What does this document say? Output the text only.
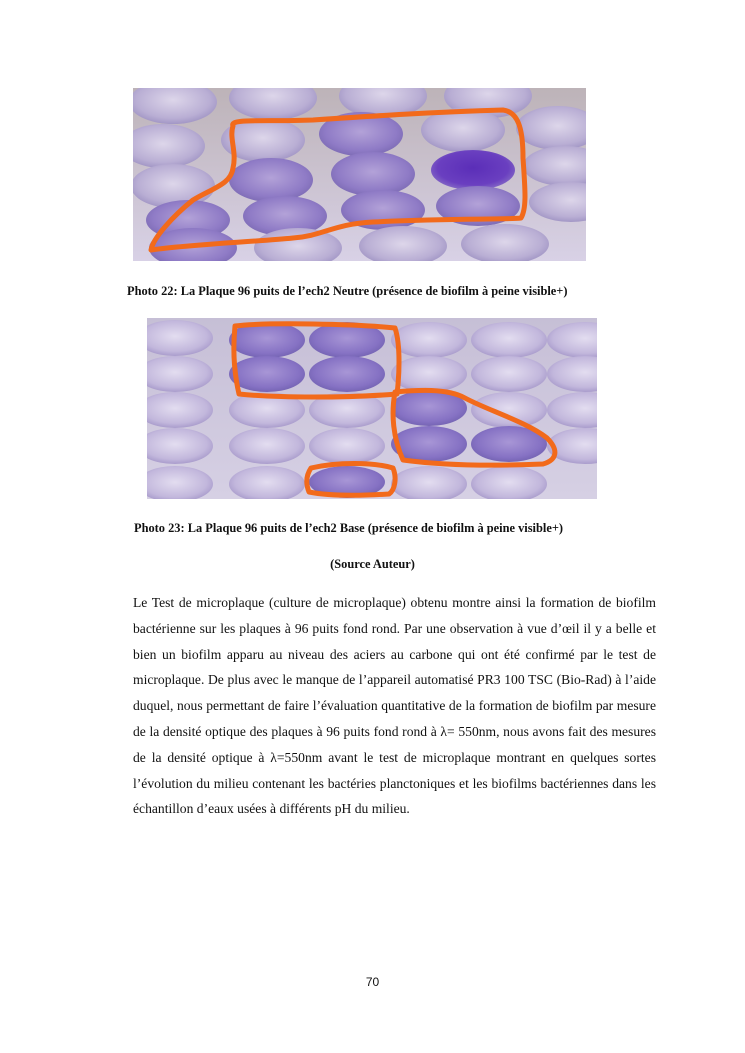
Photo 22: La Plaque 96 puits de l’ech2 Neutre (présence de biofilm à peine visible+)
Photo 23: La Plaque 96 puits de l’ech2 Base (présence de biofilm à peine visible+)
(Source Auteur)

Le Test de microplaque (culture de microplaque) obtenu montre ainsi la formation de biofilm bactérienne sur les plaques à 96 puits fond rond. Par une observation à vue d’œil il y a belle et bien un biofilm apparu au niveau des aciers au carbone qui ont été confirmé par le test de microplaque. De plus avec le manque de l’appareil automatisé PR3 100 TSC (Bio-Rad) à l’aide duquel, nous permettant de faire l’évaluation quantitative de la formation de biofilm par mesure de la densité optique des plaques à 96 puits fond rond à λ= 550nm, nous avons fait des mesures de la densité optique à λ=550nm avant le test de microplaque montrant en quelques sortes l’évolution du milieu contenant les bactéries planctoniques et les biofilms bactériennes dans les échantillon d’eaux usées à différents pH du milieu.

70
